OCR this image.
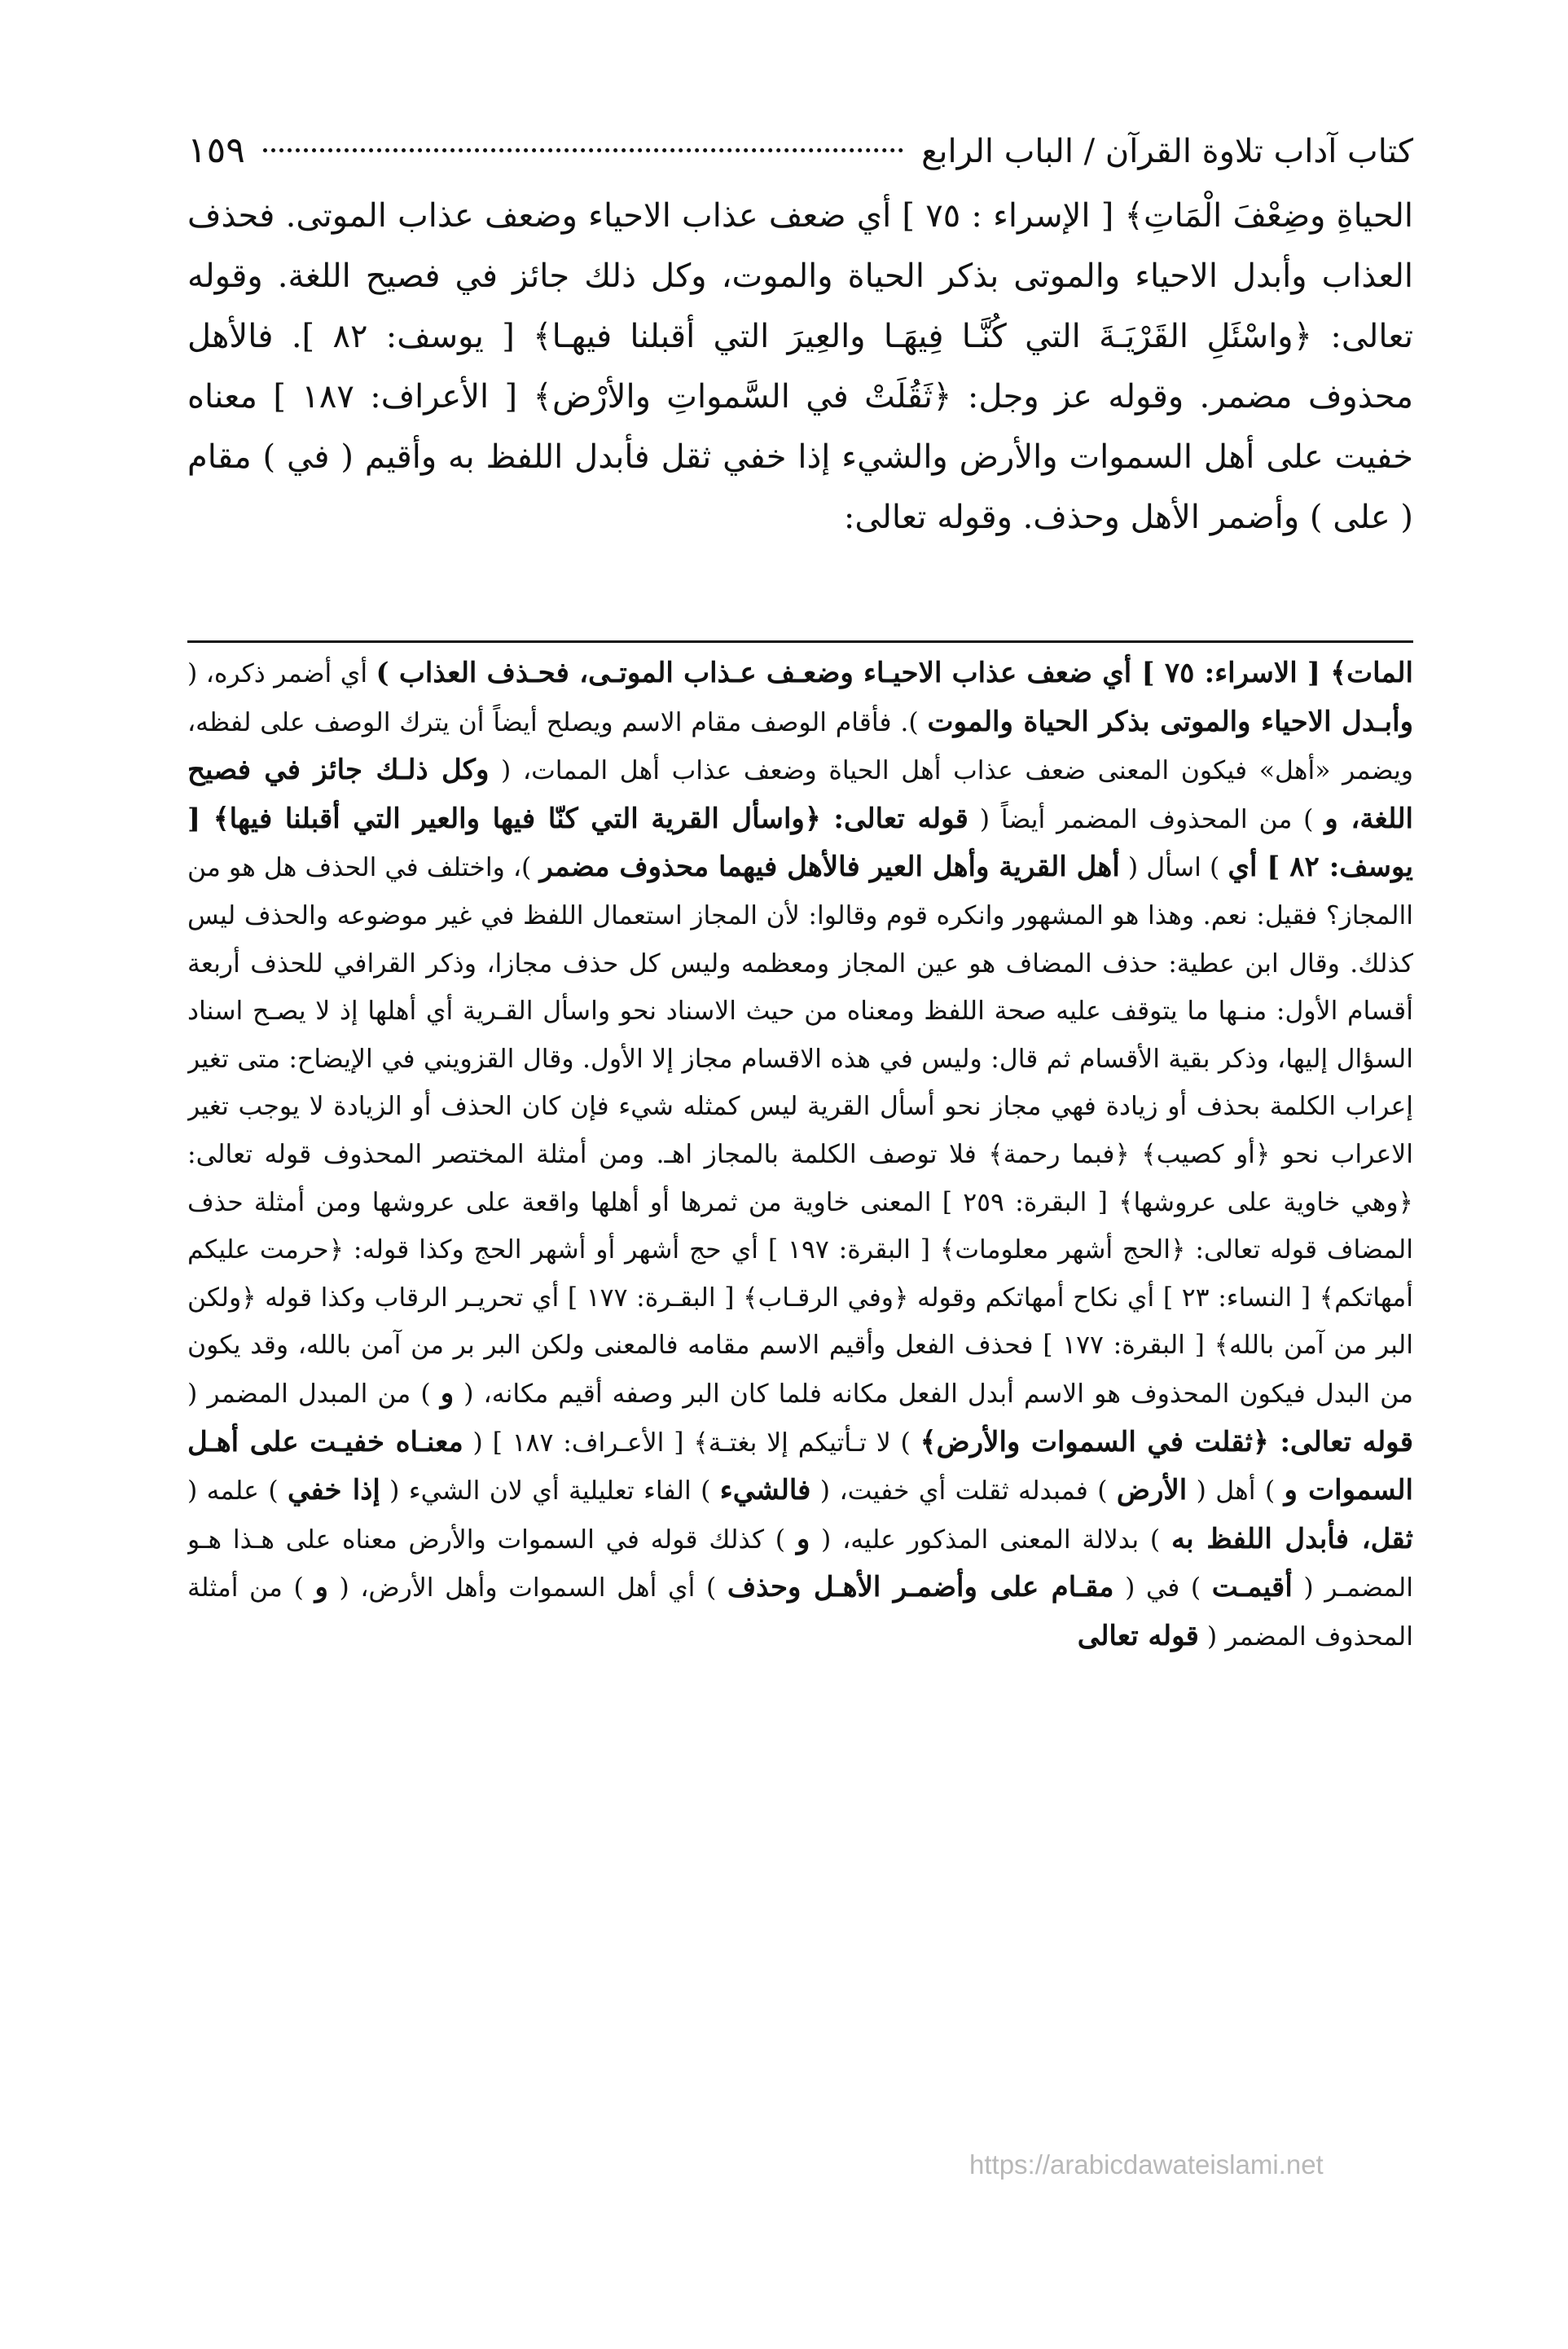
كتاب آداب تلاوة القرآن / الباب الرابع
١٥٩
الحياةِ وضِعْفَ الْمَاتِ﴾ [ الإسراء : ٧٥ ] أي ضعف عذاب الاحياء وضعف عذاب الموتى. فحذف العذاب وأبدل الاحياء والموتى بذكر الحياة والموت، وكل ذلك جائز في فصيح اللغة. وقوله تعالى: ﴿واسْئَلِ القَرْيَـةَ التي كُنَّـا فِيهَـا والعِيرَ التي أقبلنا فيهـا﴾ [ يوسف: ٨٢ ]. فالأهل محذوف مضمر. وقوله عز وجل: ﴿ثَقُلَتْ في السَّمواتِ والأرْض﴾ [ الأعراف: ١٨٧ ] معناه خفيت على أهل السموات والأرض والشيء إذا خفي ثقل فأبدل اللفظ به وأقيم ( في ) مقام ( على ) وأضمر الأهل وحذف. وقوله تعالى:
المات﴾ [ الاسراء: ٧٥ ] أي ضعف عذاب الاحيـاء وضعـف عـذاب الموتـى، فحـذف العذاب ) أي أضمر ذكره، ( وأبـدل الاحياء والموتى بذكر الحياة والموت ). فأقام الوصف مقام الاسم ويصلح أيضاً أن يترك الوصف على لفظه، ويضمر «أهل» فيكون المعنى ضعف عذاب أهل الحياة وضعف عذاب أهل الممات، ( وكل ذلـك جائز في فصيح اللغة، و ) من المحذوف المضمر أيضاً ( قوله تعالى: ﴿واسأل القرية التي كنّا فيها والعير التي أقبلنا فيها﴾ [ يوسف: ٨٢ ] أي ) اسأل ( أهل القرية وأهل العير فالأهل فيهما محذوف مضمر )، واختلف في الحذف هل هو من االمجاز؟ فقيل: نعم. وهذا هو المشهور وانكره قوم وقالوا: لأن المجاز استعمال اللفظ في غير موضوعه والحذف ليس كذلك. وقال ابن عطية: حذف المضاف هو عين المجاز ومعظمه وليس كل حذف مجازا، وذكر القرافي للحذف أربعة أقسام الأول: منـها ما يتوقف عليه صحة اللفظ ومعناه من حيث الاسناد نحو واسأل القـرية أي أهلها إذ لا يصـح اسناد السؤال إليها، وذكر بقية الأقسام ثم قال: وليس في هذه الاقسام مجاز إلا الأول. وقال القزويني في الإيضاح: متى تغير إعراب الكلمة بحذف أو زيادة فهي مجاز نحو أسأل القرية ليس كمثله شيء فإن كان الحذف أو الزيادة لا يوجب تغير الاعراب نحو ﴿أو كصيب﴾ ﴿فبما رحمة﴾ فلا توصف الكلمة بالمجاز اهـ. ومن أمثلة المختصر المحذوف قوله تعالى: ﴿وهي خاوية على عروشها﴾ [ البقرة: ٢٥٩ ] المعنى خاوية من ثمرها أو أهلها واقعة على عروشها ومن أمثلة حذف المضاف قوله تعالى: ﴿الحج أشهر معلومات﴾ [ البقرة: ١٩٧ ] أي حج أشهر أو أشهر الحج وكذا قوله: ﴿حرمت عليكم أمهاتكم﴾ [ النساء: ٢٣ ] أي نكاح أمهاتكم وقوله ﴿وفي الرقـاب﴾ [ البقـرة: ١٧٧ ] أي تحريـر الرقاب وكذا قوله ﴿ولكن البر من آمن بالله﴾ [ البقرة: ١٧٧ ] فحذف الفعل وأقيم الاسم مقامه فالمعنى ولكن البر بر من آمن بالله، وقد يكون من البدل فيكون المحذوف هو الاسم أبدل الفعل مكانه فلما كان البر وصفه أقيم مكانه، ( و ) من المبدل المضمر ( قوله تعالى: ﴿ثقلت في السموات والأرض﴾ ) لا تـأتيكم إلا بغتـة﴾ [ الأعـراف: ١٨٧ ] ( معنـاه خفيـت على أهـل السموات و ) أهل ( الأرض ) فمبدله ثقلت أي خفيت، ( فالشيء ) الفاء تعليلية أي لان الشيء ( إذا خفي ) علمه ( ثقل، فأبدل اللفظ به ) بدلالة المعنى المذكور عليه، ( و ) كذلك قوله في السموات والأرض معناه على هـذا هـو المضمـر ( أقيمـت ) في ( مقـام على وأضمـر الأهـل وحذف ) أي أهل السموات وأهل الأرض، ( و ) من أمثلة المحذوف المضمر ( قوله تعالى
https://arabicdawateislami.net
